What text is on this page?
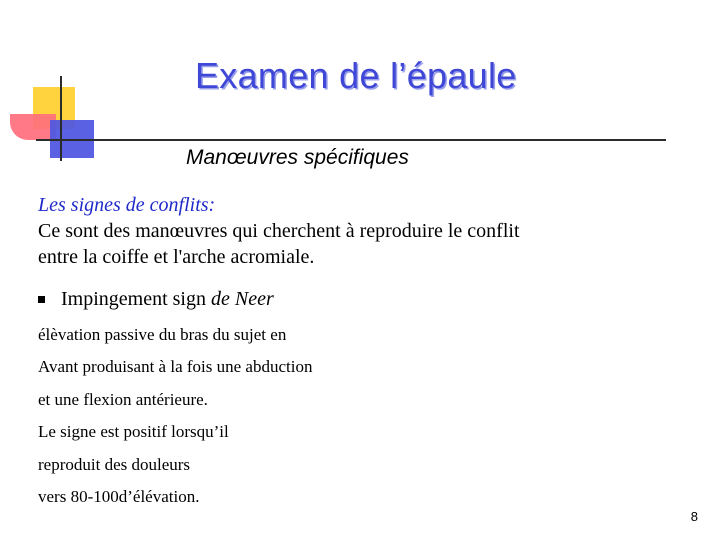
Examen de l’épaule
Manœuvres spécifiques
Les signes de conflits:
Ce sont des manœuvres qui cherchent à reproduire le conflit
entre la coiffe et l'arche acromiale.
Impingement sign de Neer
élèvation passive du bras du sujet en
Avant produisant à la fois une abduction
et une flexion antérieure.
Le signe est positif lorsqu’il
reproduit des douleurs
vers 80-100d’élévation.
8
